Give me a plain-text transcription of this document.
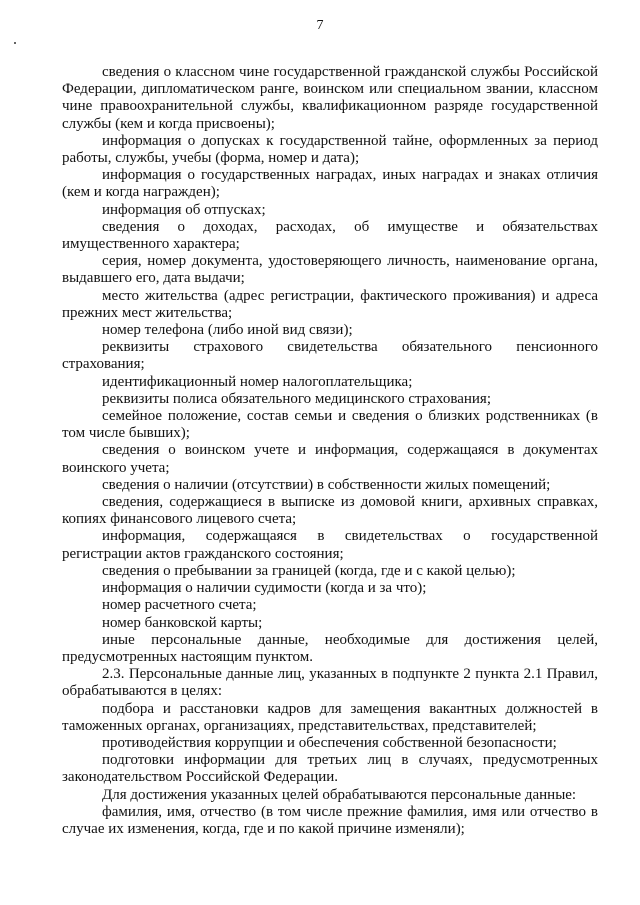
7

сведения о классном чине государственной гражданской службы Российской Федерации, дипломатическом ранге, воинском или специальном звании, классном чине правоохранительной службы, квалификационном разряде государственной службы (кем и когда присвоены);

информация о допусках к государственной тайне, оформленных за период работы, службы, учебы (форма, номер и дата);

информация о государственных наградах, иных наградах и знаках отличия (кем и когда награжден);

информация об отпусках;

сведения о доходах, расходах, об имуществе и обязательствах имущественного характера;

серия, номер документа, удостоверяющего личность, наименование органа, выдавшего его, дата выдачи;

место жительства (адрес регистрации, фактического проживания) и адреса прежних мест жительства;

номер телефона (либо иной вид связи);

реквизиты страхового свидетельства обязательного пенсионного страхования;

идентификационный номер налогоплательщика;

реквизиты полиса обязательного медицинского страхования;

семейное положение, состав семьи и сведения о близких родственниках (в том числе бывших);

сведения о воинском учете и информация, содержащаяся в документах воинского учета;

сведения о наличии (отсутствии) в собственности жилых помещений;

сведения, содержащиеся в выписке из домовой книги, архивных справках, копиях финансового лицевого счета;

информация, содержащаяся в свидетельствах о государственной регистрации актов гражданского состояния;

сведения о пребывании за границей (когда, где и с какой целью);

информация о наличии судимости (когда и за что);

номер расчетного счета;

номер банковской карты;

иные персональные данные, необходимые для достижения целей, предусмотренных настоящим пунктом.

2.3. Персональные данные лиц, указанных в подпункте 2 пункта 2.1 Правил, обрабатываются в целях:

подбора и расстановки кадров для замещения вакантных должностей в таможенных органах, организациях, представительствах, представителей;

противодействия коррупции и обеспечения собственной безопасности;

подготовки информации для третьих лиц в случаях, предусмотренных законодательством Российской Федерации.

Для достижения указанных целей обрабатываются персональные данные:

фамилия, имя, отчество (в том числе прежние фамилия, имя или отчество в случае их изменения, когда, где и по какой причине изменяли);
